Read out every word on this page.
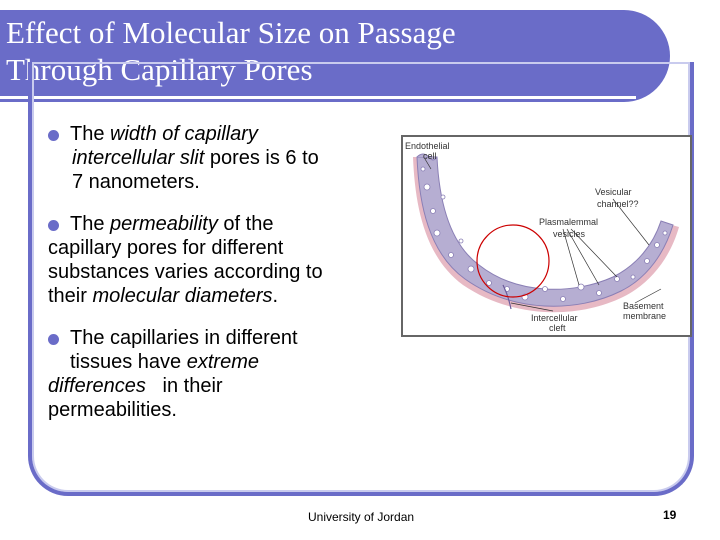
Effect of Molecular Size on Passage
Through Capillary Pores
The width of capillary
intercellular slit pores is 6 to
7 nanometers.
The permeability of the
capillary pores for different
substances varies according to
their molecular diameters.
The capillaries in different
tissues have extreme
differences   in their
permeabilities.
Endothelial
cell
Vesicular
channel??
Plasmalemmal
vesicles
Basement
membrane
Intercellular
cleft
University of Jordan	19
